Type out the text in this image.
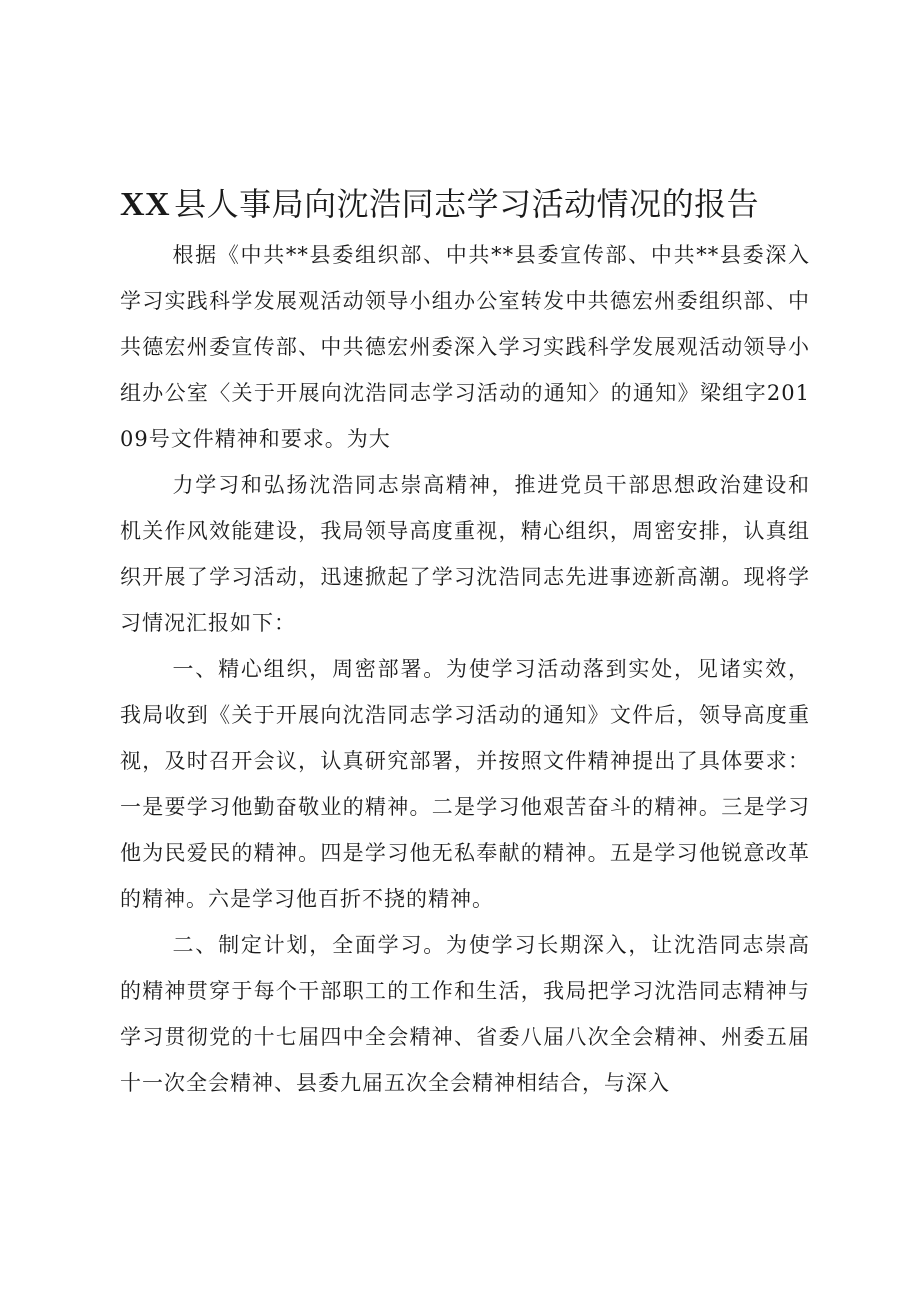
XX 县人事局向沈浩同志学习活动情况的报告

根据《中共**县委组织部、中共**县委宣传部、中共**县委深入学习实践科学发展观活动领导小组办公室转发中共德宏州委组织部、中共德宏州委宣传部、中共德宏州委深入学习实践科学发展观活动领导小组办公室〈关于开展向沈浩同志学习活动的通知〉的通知》梁组字20109号文件精神和要求。为大

力学习和弘扬沈浩同志崇高精神，推进党员干部思想政治建设和机关作风效能建设，我局领导高度重视，精心组织，周密安排，认真组织开展了学习活动，迅速掀起了学习沈浩同志先进事迹新高潮。现将学习情况汇报如下：

一、精心组织，周密部署。为使学习活动落到实处，见诸实效，我局收到《关于开展向沈浩同志学习活动的通知》文件后，领导高度重视，及时召开会议，认真研究部署，并按照文件精神提出了具体要求：一是要学习他勤奋敬业的精神。二是学习他艰苦奋斗的精神。三是学习他为民爱民的精神。四是学习他无私奉献的精神。五是学习他锐意改革的精神。六是学习他百折不挠的精神。

二、制定计划，全面学习。为使学习长期深入，让沈浩同志崇高的精神贯穿于每个干部职工的工作和生活，我局把学习沈浩同志精神与学习贯彻党的十七届四中全会精神、省委八届八次全会精神、州委五届十一次全会精神、县委九届五次全会精神相结合，与深入
